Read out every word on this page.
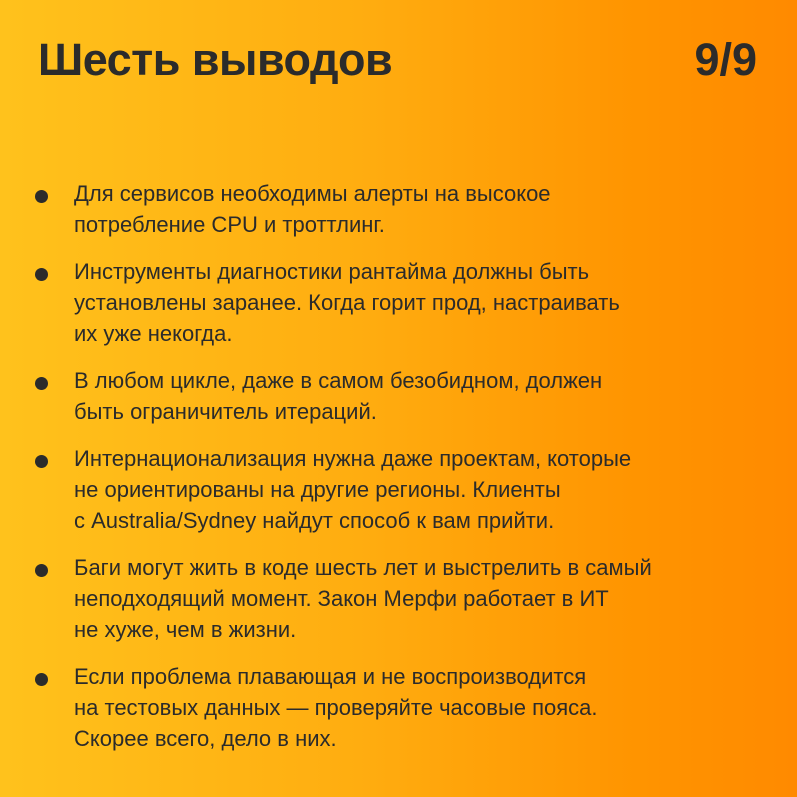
Шесть выводов	9/9
Для сервисов необходимы алерты на высокое
потребление CPU и троттлинг.
Инструменты диагностики рантайма должны быть
установлены заранее. Когда горит прод, настраивать
их уже некогда.
В любом цикле, даже в самом безобидном, должен
быть ограничитель итераций.
Интернационализация нужна даже проектам, которые
не ориентированы на другие регионы. Клиенты
с Australia/Sydney найдут способ к вам прийти.
Баги могут жить в коде шесть лет и выстрелить в самый
неподходящий момент. Закон Мерфи работает в ИТ
не хуже, чем в жизни.
Если проблема плавающая и не воспроизводится
на тестовых данных — проверяйте часовые пояса.
Скорее всего, дело в них.
